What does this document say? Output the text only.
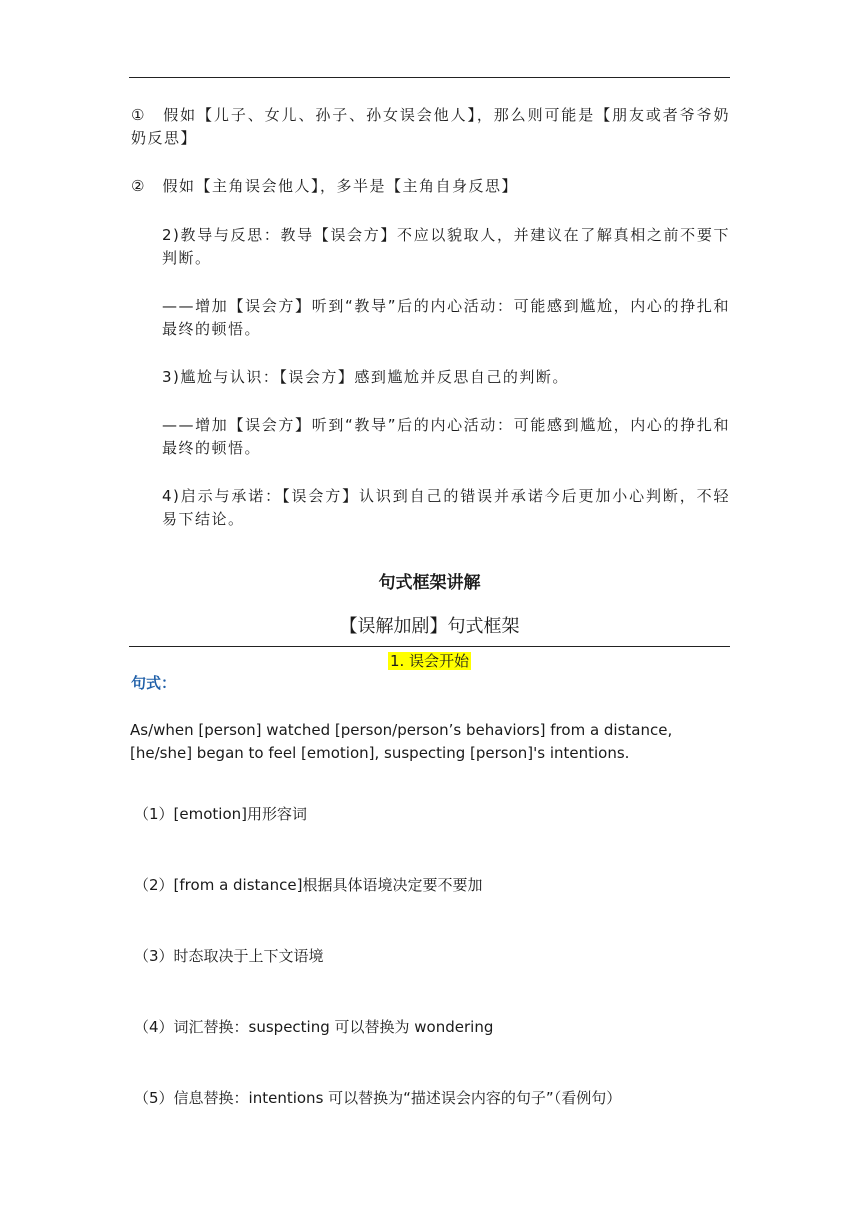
①　假如【儿子、女儿、孙子、孙女误会他人】，那么则可能是【朋友或者爷爷奶奶反思】
②　假如【主角误会他人】，多半是【主角自身反思】
2)教导与反思：教导【误会方】不应以貌取人，并建议在了解真相之前不要下判断。
——增加【误会方】听到“教导”后的内心活动：可能感到尴尬，内心的挣扎和最终的顿悟。
3)尴尬与认识：【误会方】感到尴尬并反思自己的判断。
——增加【误会方】听到“教导”后的内心活动：可能感到尴尬，内心的挣扎和最终的顿悟。
4)启示与承诺：【误会方】认识到自己的错误并承诺今后更加小心判断，不轻易下结论。
句式框架讲解
【误解加剧】句式框架
1. 误会开始
句式：
As/when [person] watched [person/person’s behaviors] from a distance, [he/she] began to feel [emotion], suspecting [person]'s intentions.
（1）[emotion]用形容词
（2）[from a distance]根据具体语境决定要不要加
（3）时态取决于上下文语境
（4）词汇替换：suspecting 可以替换为 wondering
（5）信息替换：intentions 可以替换为“描述误会内容的句子”（看例句）
